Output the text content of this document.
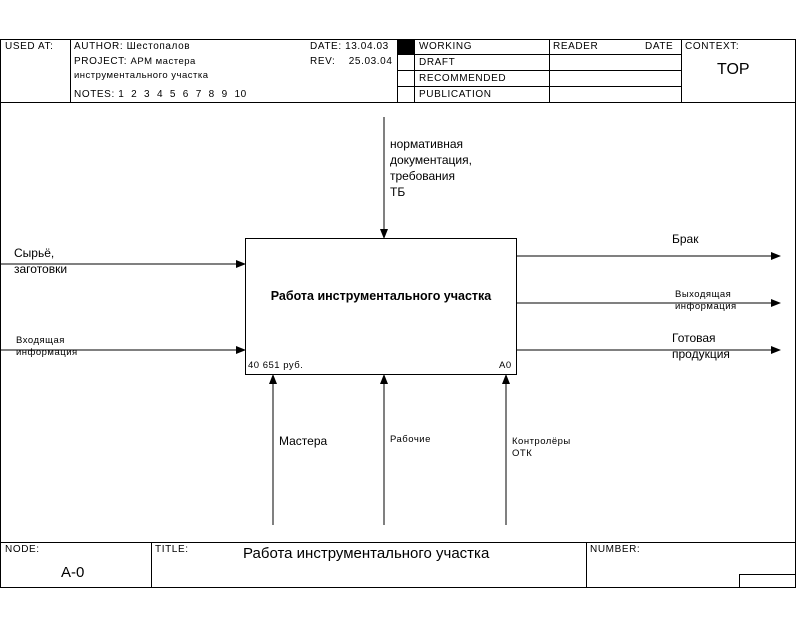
USED AT: AUTHOR: Шестопалов
PROJECT: АРМ мастера
инструментального участка
NOTES: 1  2  3  4  5  6  7  8  9  10
DATE: 13.04.03
REV: 25.03.04
WORKING
DRAFT
RECOMMENDED
PUBLICATION
READER	DATE CONTEXT:
TOP
нормативная
документация,
требования
ТБ
Сырьё,
заготовки
Входящая
информация
Работа инструментального участка
40 651 руб.	А0
Брак
Выходящая
информация
Готовая
продукция
Мастера	Рабочие	Контролёры
ОТК
NODE:
А-0
TITLE:	Работа инструментального участка	NUMBER:
